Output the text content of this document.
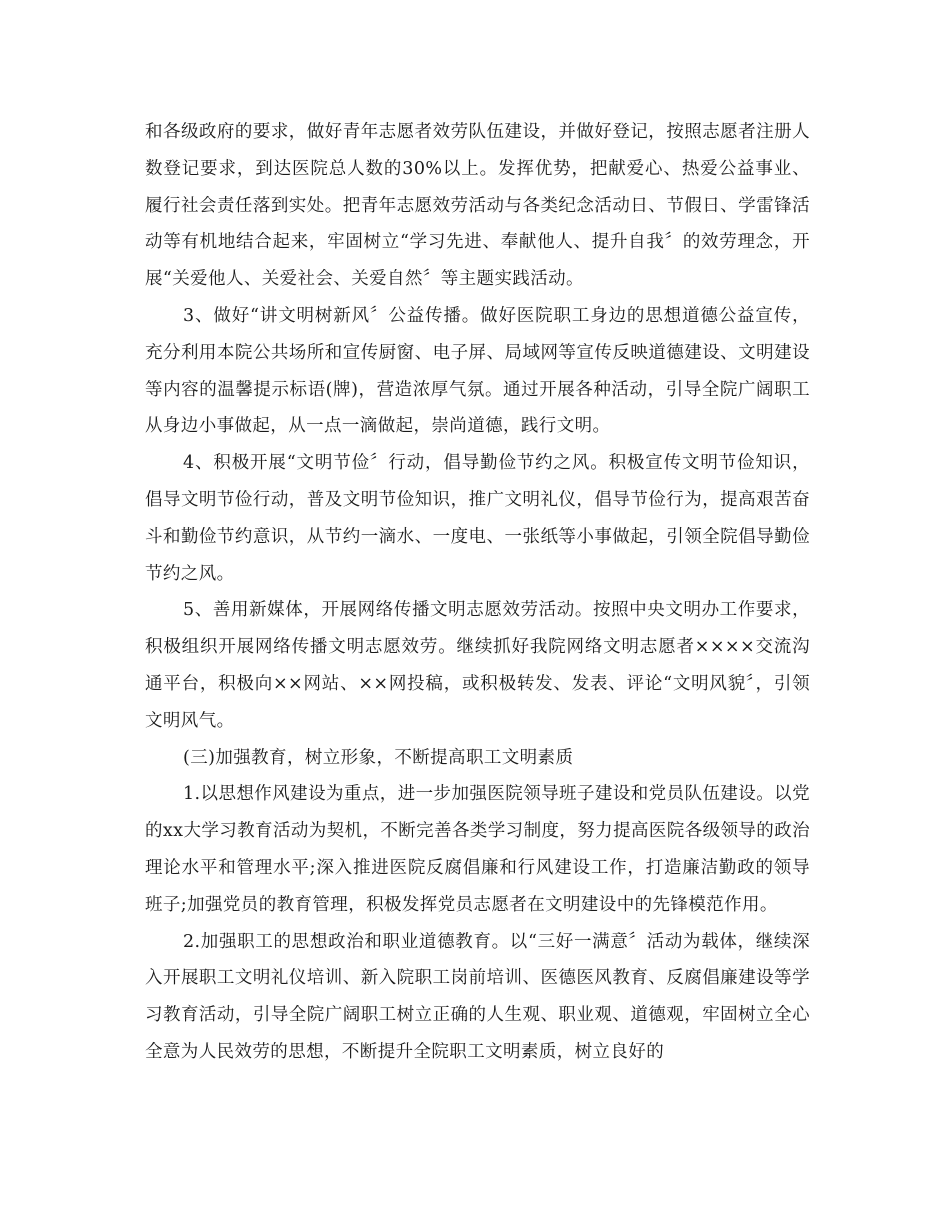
和各级政府的要求，做好青年志愿者效劳队伍建设，并做好登记，按照志愿者注册人数登记要求，到达医院总人数的30%以上。发挥优势，把献爱心、热爱公益事业、履行社会责任落到实处。把青年志愿效劳活动与各类纪念活动日、节假日、学雷锋活动等有机地结合起来，牢固树立“学习先进、奉献他人、提升自我〞的效劳理念，开展“关爱他人、关爱社会、关爱自然〞等主题实践活动。

3、做好“讲文明树新风〞公益传播。做好医院职工身边的思想道德公益宣传，充分利用本院公共场所和宣传厨窗、电子屏、局域网等宣传反映道德建设、文明建设等内容的温馨提示标语(牌)，营造浓厚气氛。通过开展各种活动，引导全院广阔职工从身边小事做起，从一点一滴做起，崇尚道德，践行文明。

4、积极开展“文明节俭〞行动，倡导勤俭节约之风。积极宣传文明节俭知识，倡导文明节俭行动，普及文明节俭知识，推广文明礼仪，倡导节俭行为，提高艰苦奋斗和勤俭节约意识，从节约一滴水、一度电、一张纸等小事做起，引领全院倡导勤俭节约之风。

5、善用新媒体，开展网络传播文明志愿效劳活动。按照中央文明办工作要求，积极组织开展网络传播文明志愿效劳。继续抓好我院网络文明志愿者××××交流沟通平台，积极向××网站、××网投稿，或积极转发、发表、评论“文明风貌〞，引领文明风气。

(三)加强教育，树立形象，不断提高职工文明素质

1.以思想作风建设为重点，进一步加强医院领导班子建设和党员队伍建设。以党的xx大学习教育活动为契机，不断完善各类学习制度，努力提高医院各级领导的政治理论水平和管理水平;深入推进医院反腐倡廉和行风建设工作，打造廉洁勤政的领导班子;加强党员的教育管理，积极发挥党员志愿者在文明建设中的先锋模范作用。

2.加强职工的思想政治和职业道德教育。以“三好一满意〞活动为载体，继续深入开展职工文明礼仪培训、新入院职工岗前培训、医德医风教育、反腐倡廉建设等学习教育活动，引导全院广阔职工树立正确的人生观、职业观、道德观，牢固树立全心全意为人民效劳的思想，不断提升全院职工文明素质，树立良好的
